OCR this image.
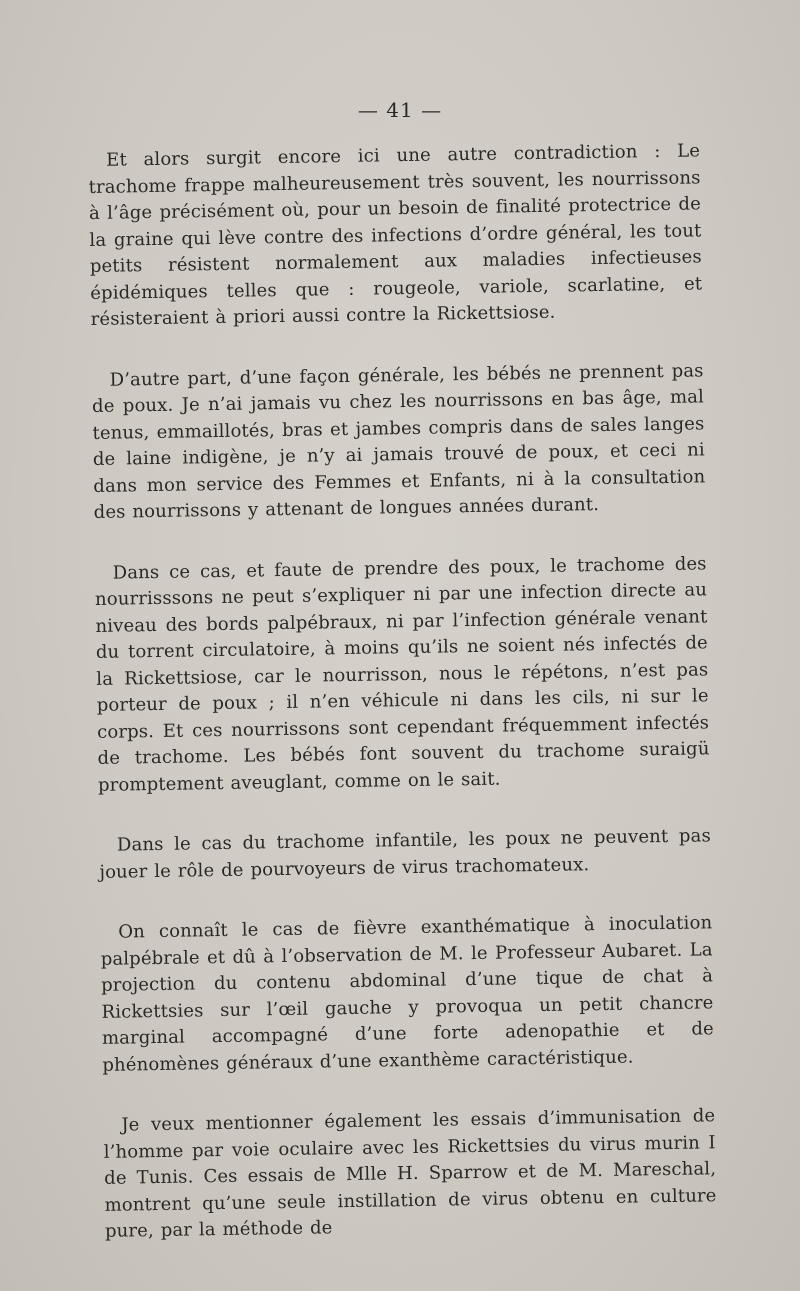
— 41 —

Et alors surgit encore ici une autre contradiction : Le trachome frappe malheureusement très souvent, les nourrissons à l’âge précisément où, pour un besoin de finalité protectrice de la graine qui lève contre des infections d’ordre général, les tout petits résistent normalement aux maladies infectieuses épidémiques telles que : rougeole, variole, scarlatine, et résisteraient à priori aussi contre la Rickettsiose.

D’autre part, d’une façon générale, les bébés ne prennent pas de poux. Je n’ai jamais vu chez les nourrissons en bas âge, mal tenus, emmaillotés, bras et jambes compris dans de sales langes de laine indigène, je n’y ai jamais trouvé de poux, et ceci ni dans mon service des Femmes et Enfants, ni à la consultation des nourrissons y attenant de longues années durant.

Dans ce cas, et faute de prendre des poux, le trachome des nourrisssons ne peut s’expliquer ni par une infection directe au niveau des bords palpébraux, ni par l’infection générale venant du torrent circulatoire, à moins qu’ils ne soient nés infectés de la Rickettsiose, car le nourrisson, nous le répétons, n’est pas porteur de poux ; il n’en véhicule ni dans les cils, ni sur le corps. Et ces nourrissons sont cependant fréquemment infectés de trachome. Les bébés font souvent du trachome suraigü promptement aveuglant, comme on le sait.

Dans le cas du trachome infantile, les poux ne peuvent pas jouer le rôle de pourvoyeurs de virus trachomateux.

On connaît le cas de fièvre exanthématique à inoculation palpébrale et dû à l’observation de M. le Professeur Aubaret. La projection du contenu abdominal d’une tique de chat à Rickettsies sur l’œil gauche y provoqua un petit chancre marginal accompagné d’une forte adenopathie et de phénomènes généraux d’une exanthème caractéristique.

Je veux mentionner également les essais d’immunisation de l’homme par voie oculaire avec les Rickettsies du virus murin I de Tunis. Ces essais de Mlle H. Sparrow et de M. Mareschal, montrent qu’une seule instillation de virus obtenu en culture pure, par la méthode de
